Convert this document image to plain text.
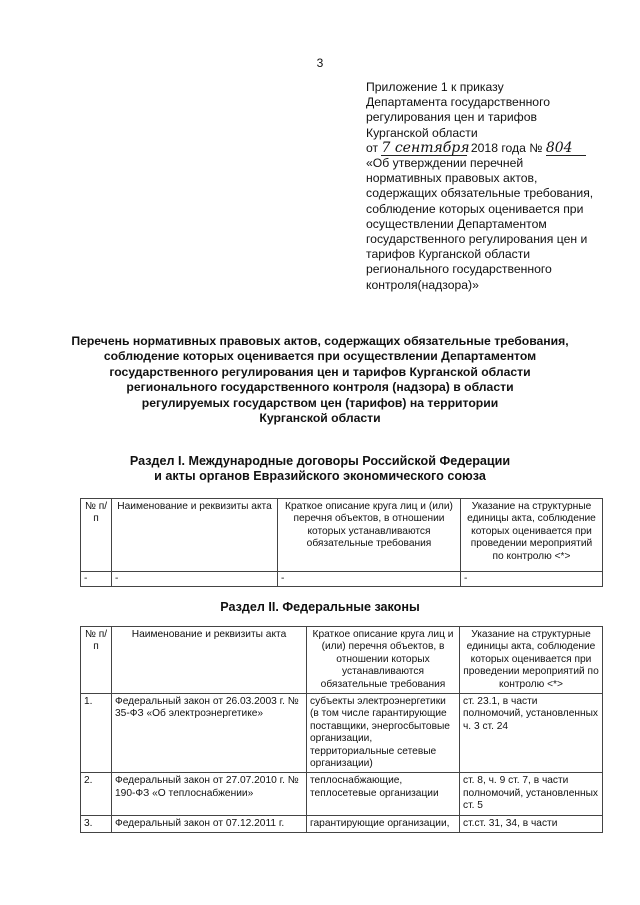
3
Приложение 1 к приказу
Департамента государственного
регулирования цен и тарифов
Курганской области
от 7 сентября 2018 года № 804
«Об утверждении перечней
нормативных правовых актов,
содержащих обязательные требования,
соблюдение которых оценивается при
осуществлении Департаментом
государственного регулирования цен и
тарифов Курганской области
регионального государственного
контроля(надзора)»
Перечень нормативных правовых актов, содержащих обязательные требования,
соблюдение которых оценивается при осуществлении Департаментом
государственного регулирования цен и тарифов Курганской области
регионального государственного контроля (надзора) в области
регулируемых государством цен (тарифов) на территории
Курганской области
Раздел I. Международные договоры Российской Федерации
и акты органов Евразийского экономического союза
№ п/п	Наименование и реквизиты акта	Краткое описание круга лиц и (или) перечня объектов, в отношении которых устанавливаются обязательные требования	Указание на структурные единицы акта, соблюдение которых оценивается при проведении мероприятий по контролю <*>
-	-	-	-
Раздел II. Федеральные законы
№ п/п	Наименование и реквизиты акта	Краткое описание круга лиц и (или) перечня объектов, в отношении которых устанавливаются обязательные требования	Указание на структурные единицы акта, соблюдение которых оценивается при проведении мероприятий по контролю <*>
1.	Федеральный закон от 26.03.2003 г. № 35-ФЗ «Об электроэнергетике»	субъекты электроэнергетики (в том числе гарантирующие поставщики, энергосбытовые организации, территориальные сетевые организации)	ст. 23.1, в части полномочий, установленных ч. 3 ст. 24
2.	Федеральный закон от 27.07.2010 г. № 190-ФЗ «О теплоснабжении»	теплоснабжающие, теплосетевые организации	ст. 8, ч. 9 ст. 7, в части полномочий, установленных ст. 5
3.	Федеральный закон от 07.12.2011 г.	гарантирующие организации,	ст.ст. 31, 34, в части
